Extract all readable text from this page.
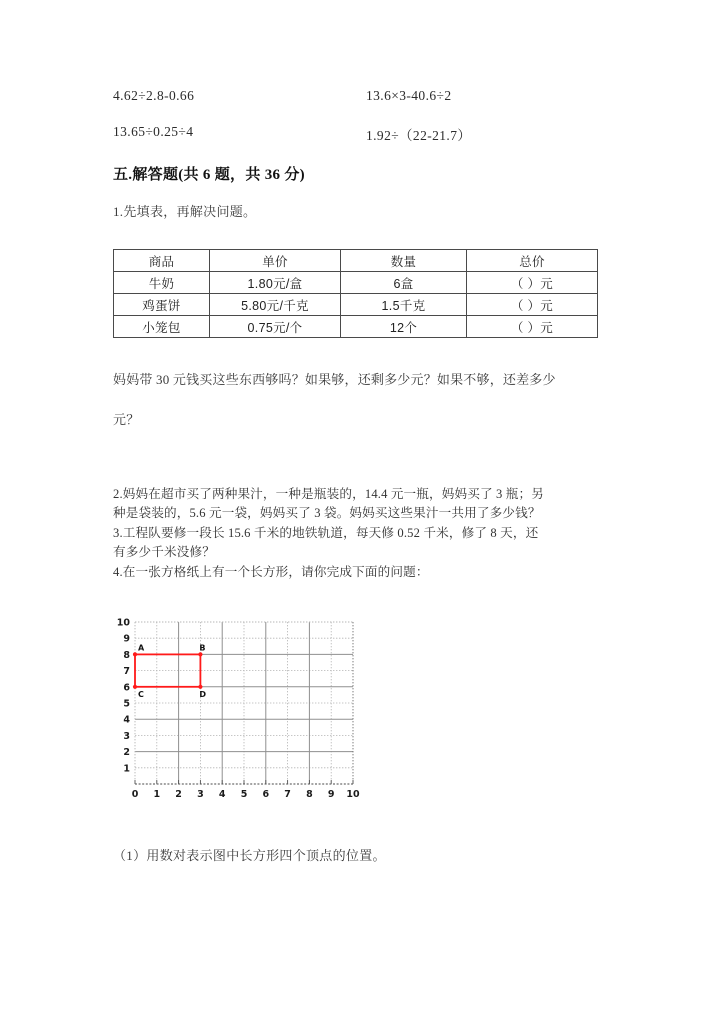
4.62÷2.8-0.66	13.6×3-40.6÷2
13.65÷0.25÷4	1.92÷（22-21.7）
五.解答题(共 6 题，共 36 分)
1.先填表，再解决问题。
商品	单价	数量	总价
牛奶	1.80元/盒	6盒	（ ）元
鸡蛋饼	5.80元/千克	1.5千克	（ ）元
小笼包	0.75元/个	12个	（ ）元
妈妈带 30 元钱买这些东西够吗？如果够，还剩多少元？如果不够，还差多少
元？
2.妈妈在超市买了两种果汁，一种是瓶装的，14.4 元一瓶，妈妈买了 3 瓶；另
种是袋装的，5.6 元一袋，妈妈买了 3 袋。妈妈买这些果汁一共用了多少钱？
3.工程队要修一段长 15.6 千米的地铁轨道，每天修 0.52 千米，修了 8 天，还
有多少千米没修？
4.在一张方格纸上有一个长方形，请你完成下面的问题：
0 1 2 3 4 5 6 7 8 9 10
1
2
3
4
5
6
7
8
9
10
A	B
C	D
（1）用数对表示图中长方形四个顶点的位置。
